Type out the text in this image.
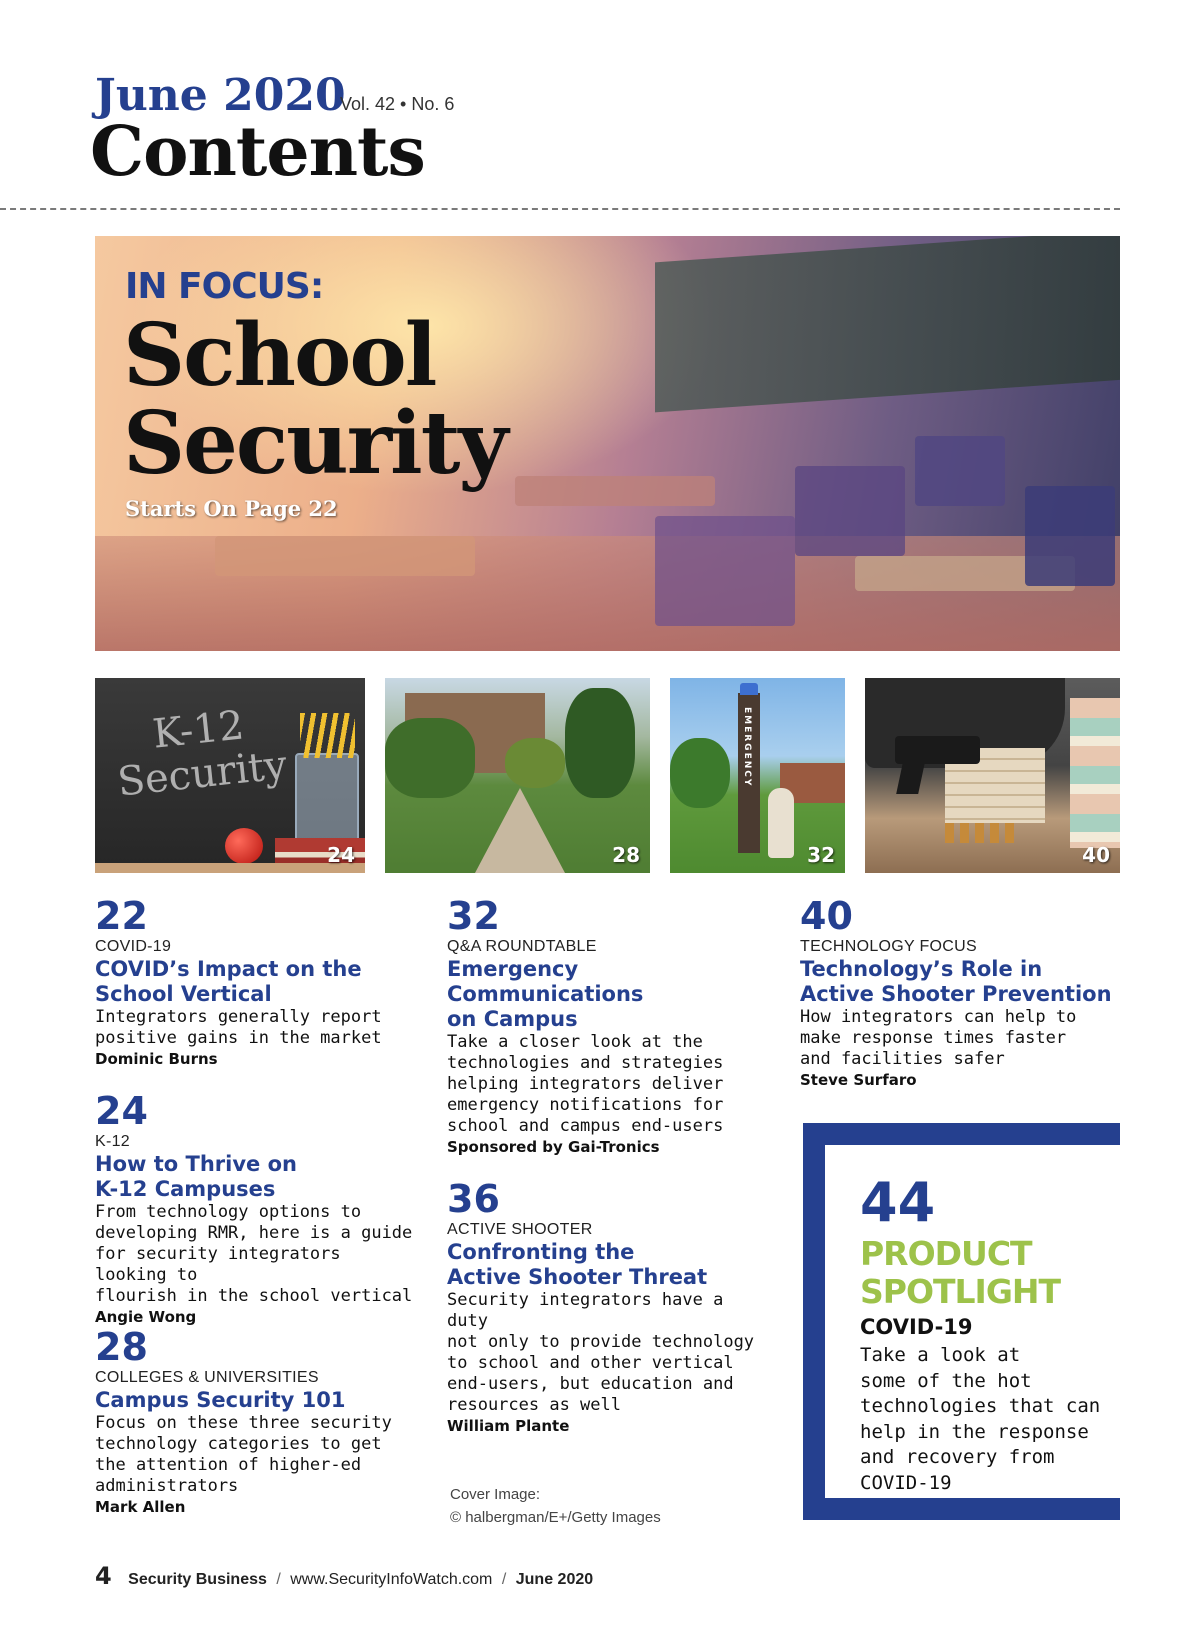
June 2020
Vol. 42 • No. 6
Contents
IN FOCUS:
School
Security
Starts On Page 22
K-12
Security
24	28
EMERGENCY
32	40
22
COVID-19
COVID’s Impact on the
School Vertical
Integrators generally report
positive gains in the market
Dominic Burns
24
K-12
How to Thrive on
K-12 Campuses
From technology options to
developing RMR, here is a guide
for security integrators looking to
flourish in the school vertical
Angie Wong
28
COLLEGES & UNIVERSITIES
Campus Security 101
Focus on these three security
technology categories to get
the attention of higher-ed
administrators
Mark Allen
32
Q&A ROUNDTABLE
Emergency
Communications
on Campus
Take a closer look at the
technologies and strategies
helping integrators deliver
emergency notifications for
school and campus end-users
Sponsored by Gai-Tronics
36
ACTIVE SHOOTER
Confronting the
Active Shooter Threat
Security integrators have a duty
not only to provide technology
to school and other vertical
end-users, but education and
resources as well
William Plante
Cover Image:
© halbergman/E+/Getty Images
40
TECHNOLOGY FOCUS
Technology’s Role in
Active Shooter Prevention
How integrators can help to
make response times faster
and facilities safer
Steve Surfaro
44
PRODUCT
SPOTLIGHT
COVID-19
Take a look at
some of the hot
technologies that can
help in the response
and recovery from
COVID-19
4 Security Business / www.SecurityInfoWatch.com / June 2020
